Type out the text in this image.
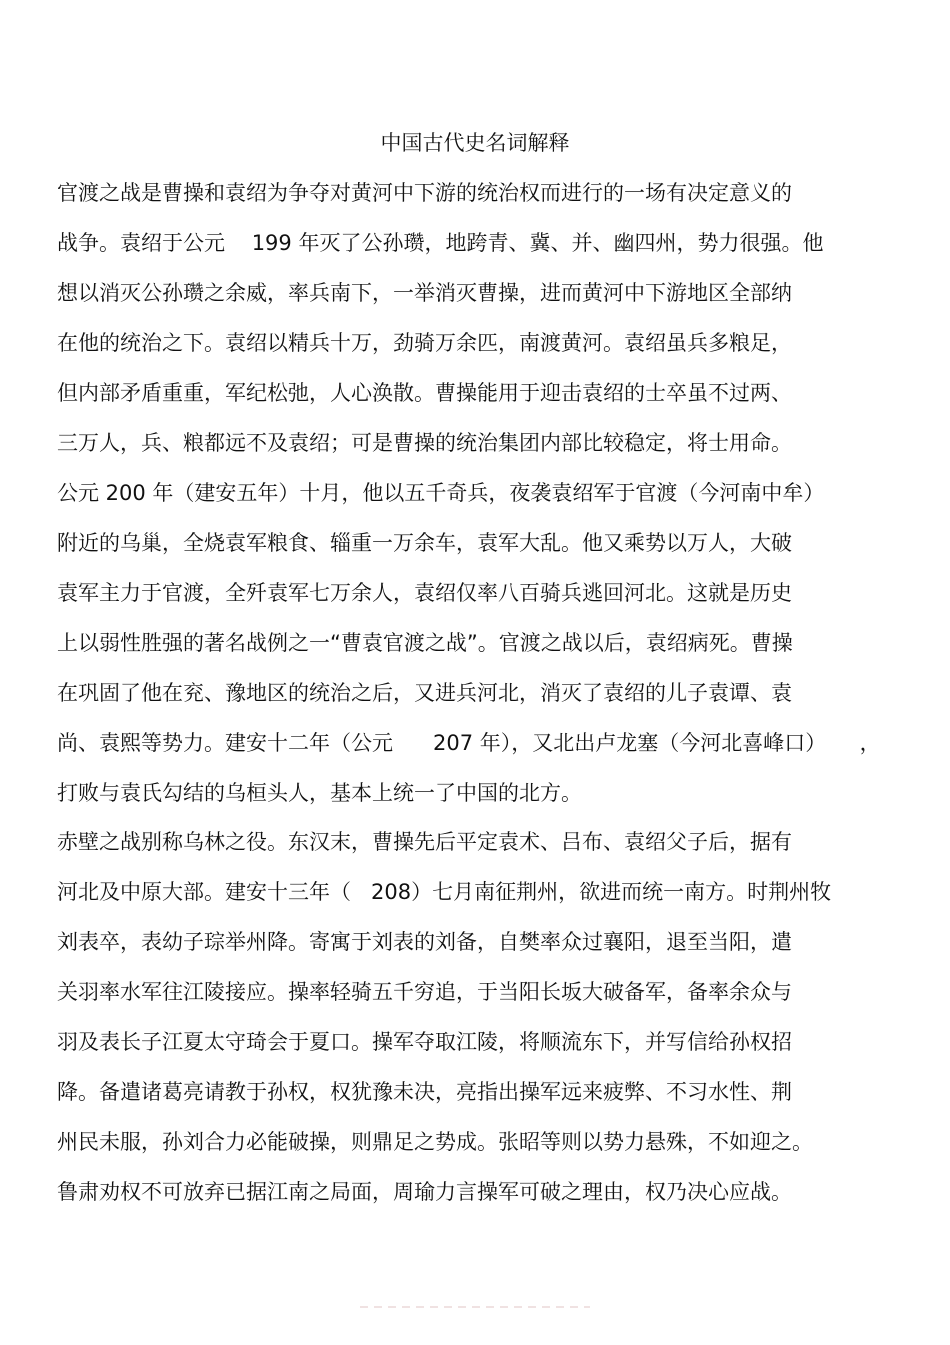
中国古代史名词解释
官渡之战是曹操和袁绍为争夺对黄河中下游的统治权而进行的一场有决定意义的
战争。袁绍于公元    199 年灭了公孙瓒，地跨青、冀、并、幽四州，势力很强。他
想以消灭公孙瓒之余威，率兵南下，一举消灭曹操，进而黄河中下游地区全部纳
在他的统治之下。袁绍以精兵十万，劲骑万余匹，南渡黄河。袁绍虽兵多粮足，
但内部矛盾重重，军纪松弛，人心涣散。曹操能用于迎击袁绍的士卒虽不过两、
三万人，兵、粮都远不及袁绍；可是曹操的统治集团内部比较稳定，将士用命。
公元 200 年（建安五年）十月，他以五千奇兵，夜袭袁绍军于官渡（今河南中牟）
附近的乌巢，全烧袁军粮食、辎重一万余车，袁军大乱。他又乘势以万人，大破
袁军主力于官渡，全歼袁军七万余人，袁绍仅率八百骑兵逃回河北。这就是历史
上以弱性胜强的著名战例之一“曹袁官渡之战”。官渡之战以后，袁绍病死。曹操
在巩固了他在兖、豫地区的统治之后，又进兵河北，消灭了袁绍的儿子袁谭、袁
尚、袁熙等势力。建安十二年（公元      207 年），又北出卢龙塞（今河北喜峰口）     ，
打败与袁氏勾结的乌桓头人，基本上统一了中国的北方。
赤壁之战别称乌林之役。东汉末，曹操先后平定袁术、吕布、袁绍父子后，据有
河北及中原大部。建安十三年（   208）七月南征荆州，欲进而统一南方。时荆州牧
刘表卒，表幼子琮举州降。寄寓于刘表的刘备，自樊率众过襄阳，退至当阳，遣
关羽率水军往江陵接应。操率轻骑五千穷追，于当阳长坂大破备军，备率余众与
羽及表长子江夏太守琦会于夏口。操军夺取江陵，将顺流东下，并写信给孙权招
降。备遣诸葛亮请教于孙权，权犹豫未决，亮指出操军远来疲弊、不习水性、荆
州民未服，孙刘合力必能破操，则鼎足之势成。张昭等则以势力悬殊，不如迎之。
鲁肃劝权不可放弃已据江南之局面，周瑜力言操军可破之理由，权乃决心应战。
